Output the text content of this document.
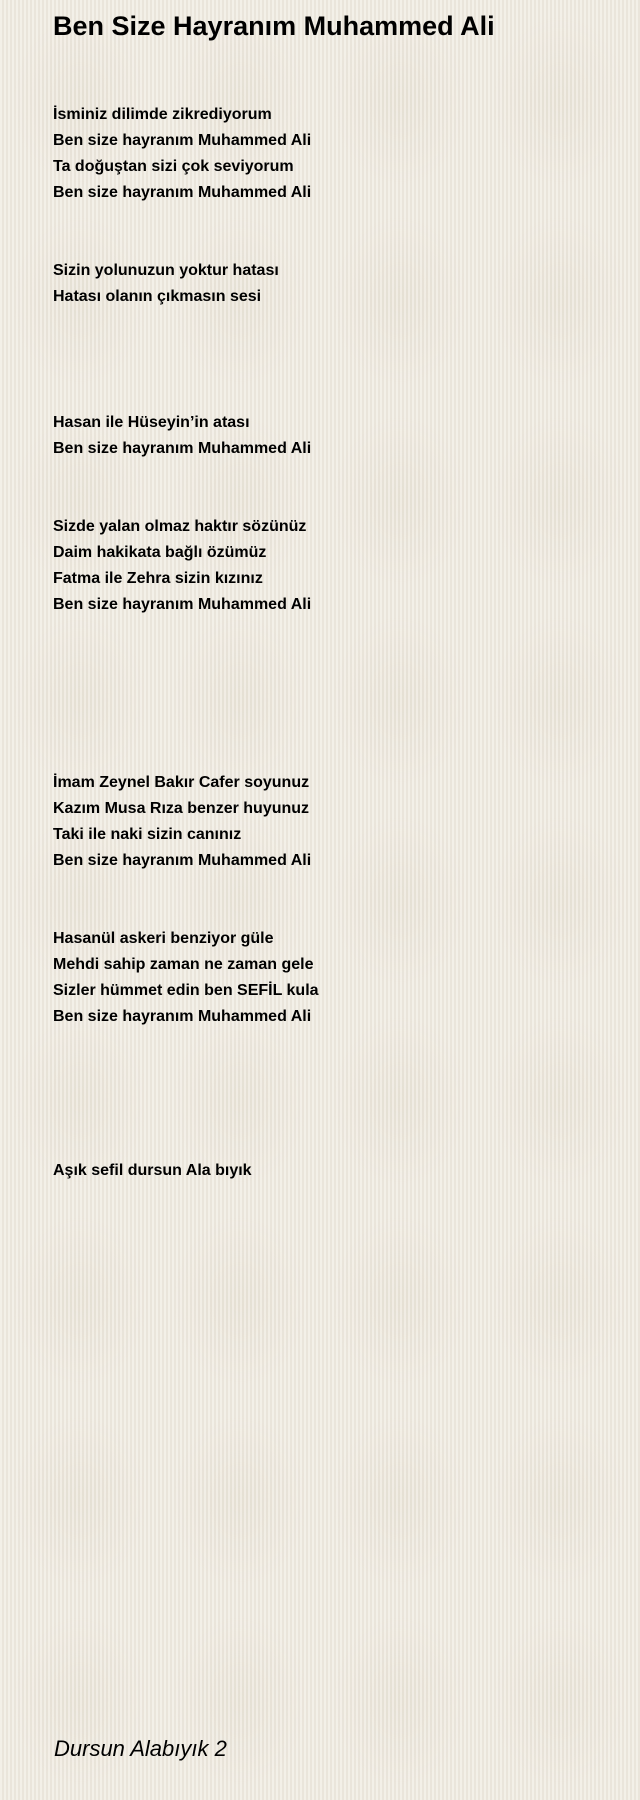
Ben Size Hayranım Muhammed Ali
İsminiz dilimde zikrediyorum
Ben size hayranım Muhammed Ali
Ta doğuştan sizi çok seviyorum
Ben size hayranım Muhammed Ali
Sizin yolunuzun yoktur hatası
Hatası olanın çıkmasın sesi
Hasan ile Hüseyin’in atası
Ben size hayranım Muhammed Ali
Sizde yalan olmaz haktır sözünüz
Daim hakikata bağlı özümüz
Fatma ile Zehra sizin kızınız
Ben size hayranım Muhammed Ali
İmam Zeynel Bakır Cafer soyunuz
Kazım Musa Rıza benzer huyunuz
Taki ile naki sizin canınız
Ben size hayranım Muhammed Ali
Hasanül askeri benziyor güle
Mehdi sahip zaman ne zaman gele
Sizler hümmet edin ben SEFİL kula
Ben size hayranım Muhammed Ali
Aşık sefil dursun Ala bıyık
Dursun Alabıyık 2
